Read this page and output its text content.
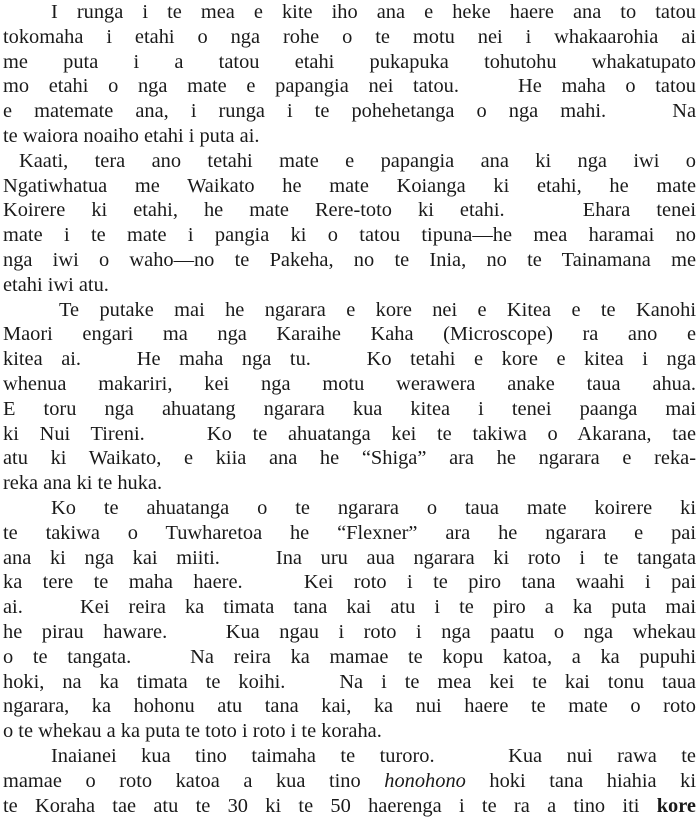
I runga i te mea e kite iho ana e heke haere ana to tatou
tokomaha i etahi o nga rohe o te motu nei i whakaarohia ai
me puta i a tatou etahi pukapuka tohutohu whakatupato
mo etahi o nga mate e papangia nei tatou.   He maha o tatou
e matemate ana, i runga i te pohehetanga o nga mahi.   Na
te waiora noaiho etahi i puta ai.
Kaati, tera ano tetahi mate e papangia ana ki nga iwi o
Ngatiwhatua me Waikato he mate Koianga ki etahi, he mate
Koirere ki etahi, he mate Rere-toto ki etahi.   Ehara tenei
mate i te mate i pangia ki o tatou tipuna—he mea haramai no
nga iwi o waho—no te Pakeha, no te Inia, no te Tainamana me
etahi iwi atu.
Te putake mai he ngarara e kore nei e Kitea e te Kanohi
Maori engari ma nga Karaihe Kaha (Microscope) ra ano e
kitea ai.   He maha nga tu.   Ko tetahi e kore e kitea i nga
whenua makariri, kei nga motu werawera anake taua ahua.
E toru nga ahuatang ngarara kua kitea i tenei paanga mai
ki Nui Tireni.   Ko te ahuatanga kei te takiwa o Akarana, tae
atu ki Waikato, e kiia ana he “Shiga” ara he ngarara e reka-
reka ana ki te huka.
Ko te ahuatanga o te ngarara o taua mate koirere ki
te takiwa o Tuwharetoa he “Flexner” ara he ngarara e pai
ana ki nga kai miiti.   Ina uru aua ngarara ki roto i te tangata
ka tere te maha haere.   Kei roto i te piro tana waahi i pai
ai.   Kei reira ka timata tana kai atu i te piro a ka puta mai
he pirau haware.   Kua ngau i roto i nga paatu o nga whekau
o te tangata.   Na reira ka mamae te kopu katoa, a ka pupuhi
hoki, na ka timata te koihi.   Na i te mea kei te kai tonu taua
ngarara, ka hohonu atu tana kai, ka nui haere te mate o roto
o te whekau a ka puta te toto i roto i te koraha.
Inaianei kua tino taimaha te turoro.   Kua nui rawa te
mamae o roto katoa a kua tino honohono hoki tana hiahia ki
te Koraha tae atu te 30 ki te 50 haerenga i te ra a tino iti kore
